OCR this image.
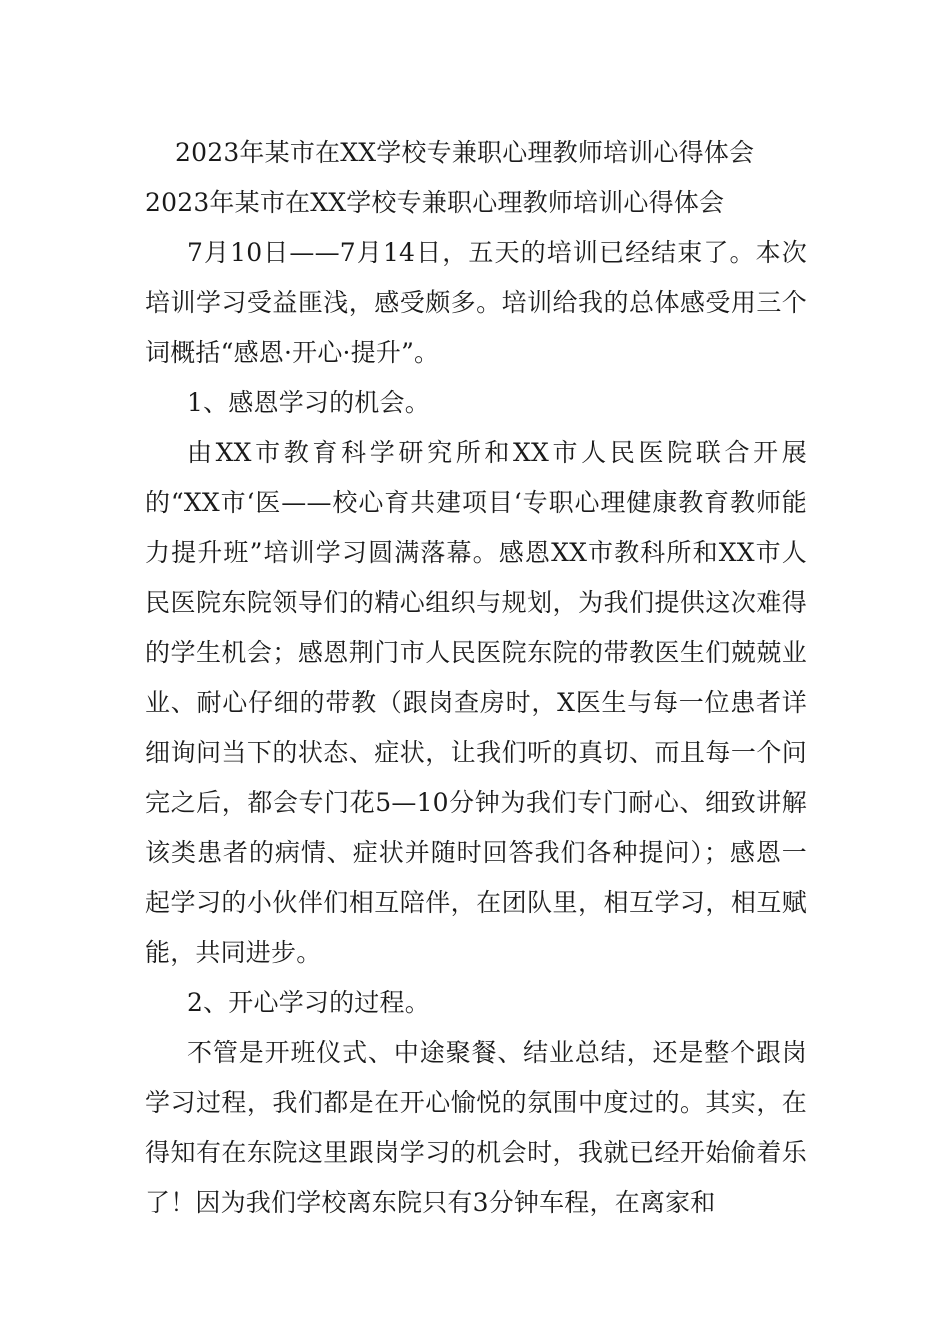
2023年某市在XX学校专兼职心理教师培训心得体会
2023年某市在XX学校专兼职心理教师培训心得体会

7月10日——7月14日，五天的培训已经结束了。本次培训学习受益匪浅，感受颇多。培训给我的总体感受用三个词概括“感恩·开心·提升”。

1、感恩学习的机会。

由XX市教育科学研究所和XX市人民医院联合开展的“XX市‘医——校心育共建项目‘专职心理健康教育教师能力提升班”培训学习圆满落幕。感恩XX市教科所和XX市人民医院东院领导们的精心组织与规划，为我们提供这次难得的学生机会；感恩荆门市人民医院东院的带教医生们兢兢业业、耐心仔细的带教（跟岗查房时，X医生与每一位患者详细询问当下的状态、症状，让我们听的真切、而且每一个问完之后，都会专门花5—10分钟为我们专门耐心、细致讲解该类患者的病情、症状并随时回答我们各种提问）；感恩一起学习的小伙伴们相互陪伴，在团队里，相互学习，相互赋能，共同进步。

2、开心学习的过程。

不管是开班仪式、中途聚餐、结业总结，还是整个跟岗学习过程，我们都是在开心愉悦的氛围中度过的。其实，在得知有在东院这里跟岗学习的机会时，我就已经开始偷着乐了！因为我们学校离东院只有3分钟车程，在离家和
